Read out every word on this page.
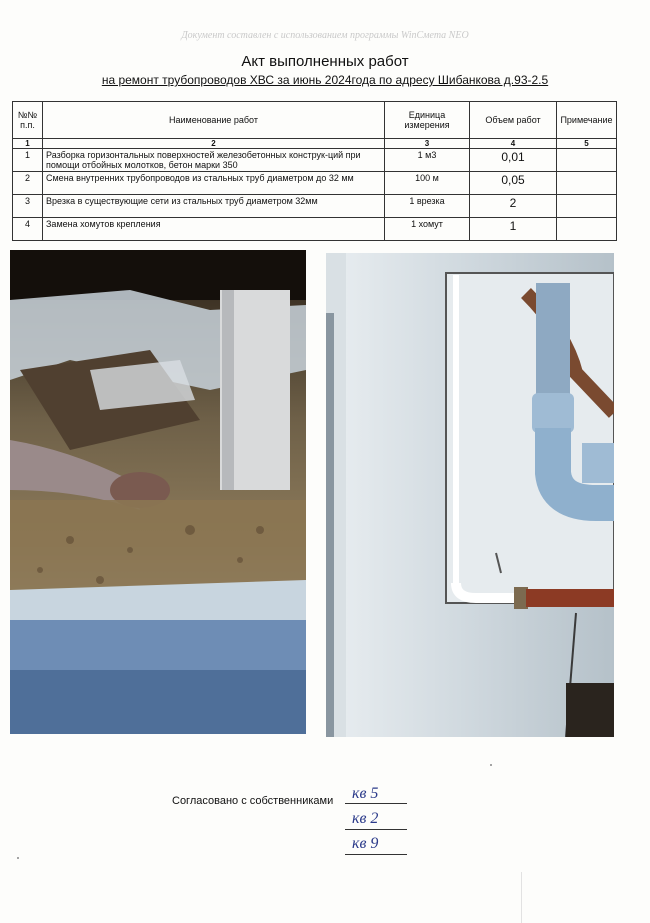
Документ составлен с использованием программы WinСмета NEO
Акт выполненных работ
на ремонт трубопроводов ХВС за июнь 2024года по адресу Шибанкова д.93-2.5
№№ п.п.	Наименование работ	Единица измерения	Объем работ	Примечание
1	2	3	4	5
1	Разборка горизонтальных поверхностей железобетонных конструк-ций при помощи отбойных молотков, бетон марки 350	1 м3	0,01	
2	Смена внутренних трубопроводов из стальных труб диаметром до 32 мм	100 м	0,05	
3	Врезка в существующие сети из стальных труб диаметром 32мм	1 врезка	2	
4	Замена хомутов крепления	1 хомут	1	
Согласовано с собственниками кв 5
кв 2
кв 9
